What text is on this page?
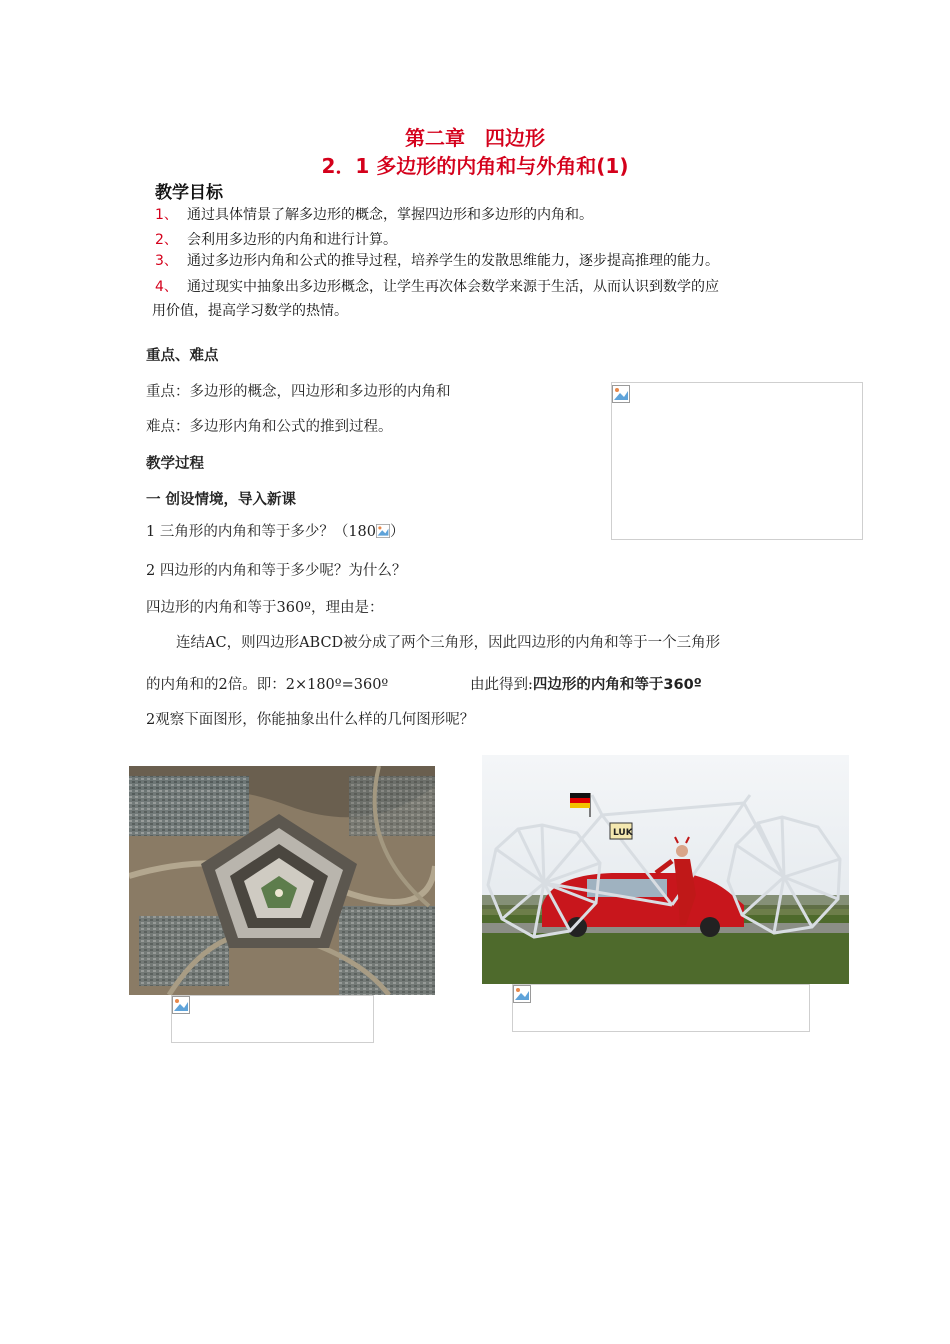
第二章　四边形
2．1 多边形的内角和与外角和(1)
教学目标
1、 通过具体情景了解多边形的概念，掌握四边形和多边形的内角和。
2、 会利用多边形的内角和进行计算。
3、 通过多边形内角和公式的推导过程，培养学生的发散思维能力，逐步提高推理的能力。
4、 通过现实中抽象出多边形概念，让学生再次体会数学来源于生活，从而认识到数学的应
用价值，提高学习数学的热情。
重点、难点
重点：多边形的概念，四边形和多边形的内角和
难点：多边形内角和公式的推到过程。
教学过程
一 创设情境，导入新课
1 三角形的内角和等于多少？（180 ）
2 四边形的内角和等于多少呢？为什么？
四边形的内角和等于360º，理由是：
连结AC，则四边形ABCD被分成了两个三角形，因此四边形的内角和等于一个三角形
的内角和的2倍。即：2×180º=360º	由此得到:四边形的内角和等于360º
2观察下面图形，你能抽象出什么样的几何图形呢？
LUK
